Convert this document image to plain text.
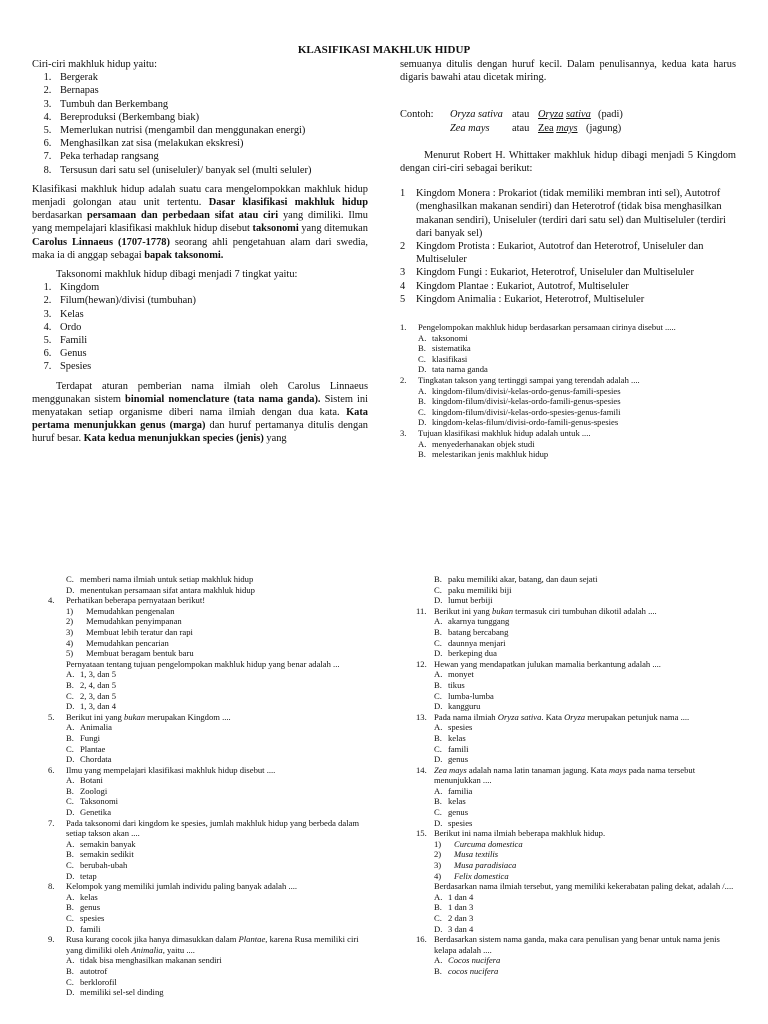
KLASIFIKASI MAKHLUK HIDUP

Ciri-ciri makhluk hidup yaitu:

1. Bergerak
2. Bernapas
3. Tumbuh dan Berkembang
4. Bereproduksi (Berkembang biak)
5. Memerlukan nutrisi (mengambil dan menggunakan energi)
6. Menghasilkan zat sisa (melakukan ekskresi)
7. Peka terhadap rangsang
8. Tersusun dari satu sel (uniseluler)/ banyak sel (multi seluler)

Klasifikasi makhluk hidup adalah suatu cara mengelompokkan makhluk hidup menjadi golongan atau unit tertentu. Dasar klasifikasi makhluk hidup berdasarkan persamaan dan perbedaan sifat atau ciri yang dimiliki. Ilmu yang mempelajari klasifikasi makhluk hidup disebut taksonomi yang ditemukan Carolus Linnaeus (1707-1778) seorang ahli pengetahuan alam dari swedia, maka ia di anggap sebagai bapak taksonomi.

Taksonomi makhluk hidup dibagi menjadi 7 tingkat yaitu:

1. Kingdom
2. Filum(hewan)/divisi (tumbuhan)
3. Kelas
4. Ordo
5. Famili
6. Genus
7. Spesies

Terdapat aturan pemberian nama ilmiah oleh Carolus Linnaeus menggunakan sistem binomial nomenclature (tata nama ganda). Sistem ini menyatakan setiap organisme diberi nama ilmiah dengan dua kata. Kata pertama menunjukkan genus (marga) dan huruf pertamanya ditulis dengan huruf besar. Kata kedua menunjukkan species (jenis) yang

semuanya ditulis dengan huruf kecil. Dalam penulisannya, kedua kata harus digaris bawahi atau dicetak miring.

Contoh:	Oryza sativa atau Oryza sativa (padi)
Zea mays	atau Zea mays (jagung)

Menurut Robert H. Whittaker makhluk hidup dibagi menjadi 5 Kingdom dengan ciri-ciri sebagai berikut:

1	Kingdom Monera : Prokariot (tidak memiliki membran inti sel), Autotrof (menghasilkan makanan sendiri) dan Heterotrof (tidak bisa menghasilkan makanan sendiri), Uniseluler (terdiri dari satu sel) dan Multiseluler (terdiri dari banyak sel)
2	Kingdom Protista : Eukariot, Autotrof dan Heterotrof, Uniseluler dan Multiseluler
3	Kingdom Fungi : Eukariot, Heterotrof, Uniseluler dan Multiseluler
4	Kingdom Plantae : Eukariot, Autotrof, Multiseluler
5	Kingdom Animalia : Eukariot, Heterotrof, Multiseluler
1.	Pengelompokan makhluk hidup berdasarkan persamaan cirinya disebut .....
A. taksonomi
B. sistematika
C. klasifikasi
D. tata nama ganda
2.	Tingkatan takson yang tertinggi sampai yang terendah adalah ....
A. kingdom-filum/divisi/-kelas-ordo-genus-famili-spesies
B. kingdom-filum/divisi/-kelas-ordo-famili-genus-spesies
C. kingdom-filum/divisi/-kelas-ordo-spesies-genus-famili
D. kingdom-kelas-filum/divisi-ordo-famili-genus-spesies
3.	Tujuan klasifikasi makhluk hidup adalah untuk ....
A. menyederhanakan objek studi
B. melestarikan jenis makhluk hidup
C. memberi nama ilmiah untuk setiap makhluk hidup
D. menentukan persamaan sifat antara makhluk hidup
4.	Perhatikan beberapa pernyataan berikut!
1)	Memudahkan pengenalan
2)	Memudahkan penyimpanan
3)	Membuat lebih teratur dan rapi
4)	Memudahkan pencarian
5)	Membuat beragam bentuk baru
Pernyataan tentang tujuan pengelompokan makhluk hidup yang benar adalah ...
A. 1, 3, dan 5
B. 2, 4, dan 5
C. 2, 3, dan 5
D. 1, 3, dan 4
5.	Berikut ini yang bukan merupakan Kingdom ....
A. Animalia
B. Fungi
C. Plantae
D. Chordata
6.	Ilmu yang mempelajari klasifikasi makhluk hidup disebut ....
A. Botani
B. Zoologi
C. Taksonomi
D. Genetika
7.	Pada taksonomi dari kingdom ke spesies, jumlah makhluk hidup yang berbeda dalam setiap takson akan ....
A. semakin banyak
B. semakin sedikit
C. berubah-ubah
D. tetap
8.	Kelompok yang memiliki jumlah individu paling banyak adalah ....
A. kelas
B. genus
C. spesies
D. famili
9.	Rusa kurang cocok jika hanya dimasukkan dalam Plantae, karena Rusa memiliki ciri yang dimiliki oleh Animalia, yaitu ....
A. tidak bisa menghasilkan makanan sendiri
B. autotrof
C. berklorofil
D. memiliki sel-sel dinding
B. paku memiliki akar, batang, dan daun sejati
C. paku memiliki biji
D. lumut berbiji
11. Berikut ini yang bukan termasuk ciri tumbuhan dikotil adalah ....
A. akarnya tunggang
B. batang bercabang
C. daunnya menjari
D. berkeping dua
12. Hewan yang mendapatkan julukan mamalia berkantung adalah ....
A. monyet
B. tikus
C. lumba-lumba
D. kangguru
13. Pada nama ilmiah Oryza sativa. Kata Oryza merupakan petunjuk nama ....
A. spesies
B. kelas
C. famili
D. genus
14. Zea mays adalah nama latin tanaman jagung. Kata mays pada nama tersebut menunjukkan ....
A. familia
B. kelas
C. genus
D. spesies
15. Berikut ini nama ilmiah beberapa makhluk hidup.
1)	Curcuma domestica
2)	Musa textilis
3)	Musa paradisiaca
4)	Felix domestica
Berdasarkan nama ilmiah tersebut, yang memiliki kekerabatan paling dekat, adalah /....
A. 1 dan 4
B. 1 dan 3
C. 2 dan 3
D. 3 dan 4
16. Berdasarkan sistem nama ganda, maka cara penulisan yang benar untuk nama jenis kelapa adalah ....
A. Cocos nucifera
B. cocos nucifera
